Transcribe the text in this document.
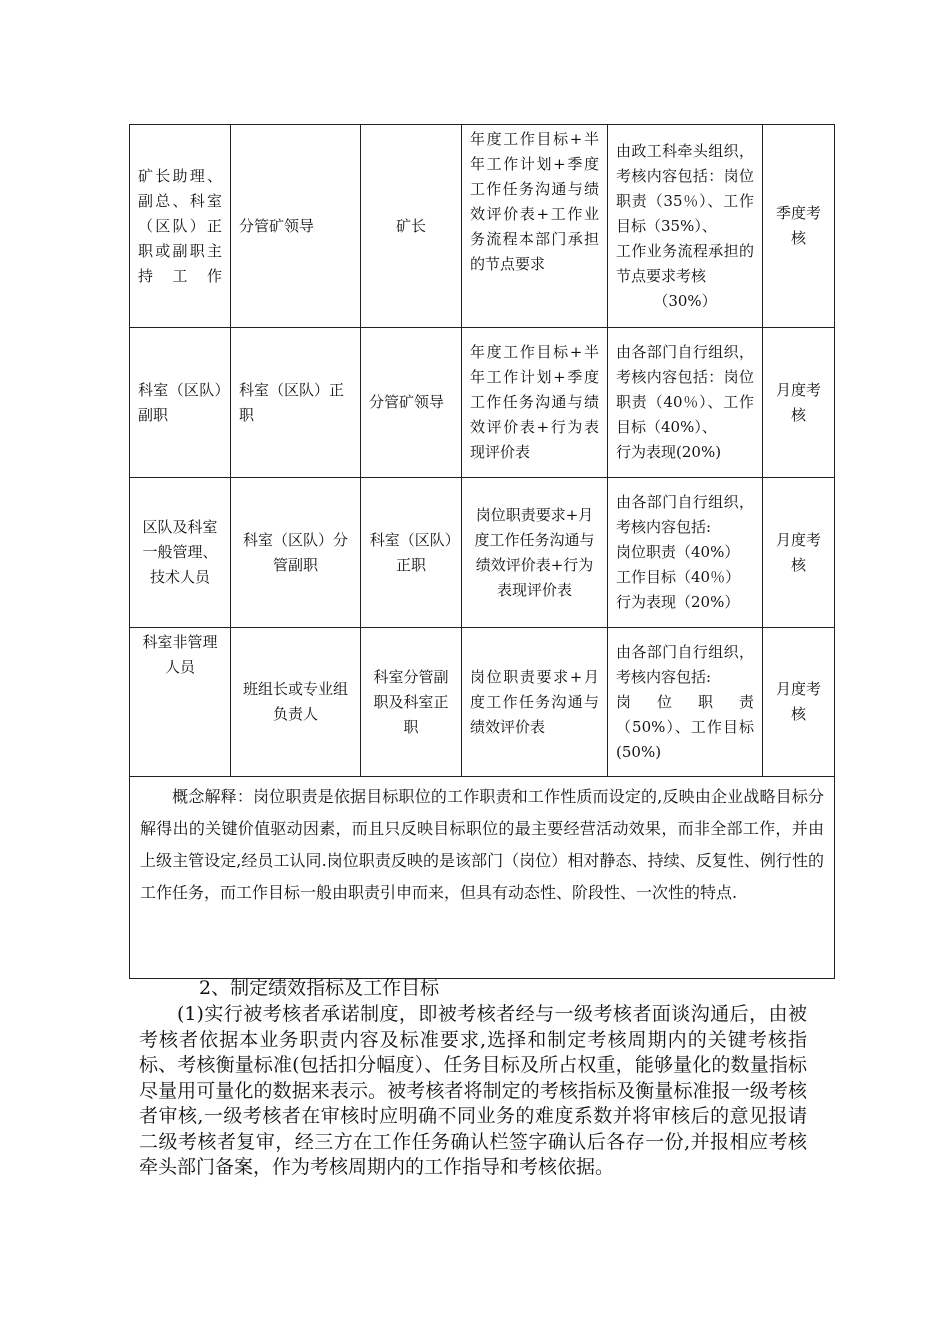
矿长助理、副总、科室（区队）正职或副职主持工作	分管矿领导	矿长	年度工作目标+半年工作计划+季度工作任务沟通与绩效评价表+工作业务流程本部门承担的节点要求	由政工科牵头组织，考核内容包括：岗位职责（35％）、工作目标（35%）、
工作业务流程承担的节点要求考核
（30%）	季度考核
科室（区队）副职	科室（区队）正职	分管矿领导	年度工作目标+半年工作计划+季度工作任务沟通与绩效评价表+行为表现评价表	由各部门自行组织，考核内容包括：岗位职责（40％）、工作目标（40%）、
行为表现(20%)	月度考核
区队及科室一般管理、技术人员	科室（区队）分管副职	科室（区队）正职	岗位职责要求+月度工作任务沟通与绩效评价表+行为表现评价表	由各部门自行组织，考核内容包括:
岗位职责（40%）
工作目标（40％）
行为表现（20%）	月度考核
科室非管理人员	班组长或专业组负责人	科室分管副职及科室正职	岗位职责要求+月度工作任务沟通与绩效评价表	由各部门自行组织，考核内容包括:
岗位职责
（50%）、工作目标(50%)	月度考核
概念解释：岗位职责是依据目标职位的工作职责和工作性质而设定的,反映由企业战略目标分解得出的关键价值驱动因素，而且只反映目标职位的最主要经营活动效果，而非全部工作，并由上级主管设定,经员工认同.岗位职责反映的是该部门（岗位）相对静态、持续、反复性、例行性的工作任务，而工作目标一般由职责引申而来，但具有动态性、阶段性、一次性的特点.					
2、制定绩效指标及工作目标
(1)实行被考核者承诺制度，即被考核者经与一级考核者面谈沟通后，由被考核者依据本业务职责内容及标准要求,选择和制定考核周期内的关键考核指标、考核衡量标准(包括扣分幅度）、任务目标及所占权重，能够量化的数量指标尽量用可量化的数据来表示。被考核者将制定的考核指标及衡量标准报一级考核者审核,一级考核者在审核时应明确不同业务的难度系数并将审核后的意见报请二级考核者复审，经三方在工作任务确认栏签字确认后各存一份,并报相应考核牵头部门备案，作为考核周期内的工作指导和考核依据。
